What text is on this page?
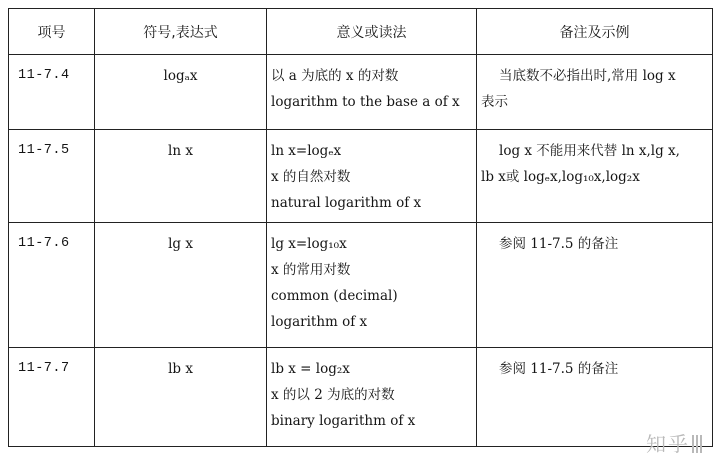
项号	符号,表达式	意义或读法	备注及示例

11-7.4	logₐx	以 a 为底的 x 的对数
logarithm to the base a of x	当底数不必指出时,常用 log x
表示

11-7.5	ln x	ln x=logₑx
x 的自然对数
natural logarithm of x	log x 不能用来代替 ln x,lg x,
lb x或 logₑx,log₁₀x,log₂x

11-7.6	lg x	lg x=log₁₀x
x 的常用对数
common (decimal)
logarithm of x	参阅 11-7.5 的备注

11-7.7	lb x	lb x = log₂x
x 的以 2 为底的对数
binary logarithm of x	参阅 11-7.5 的备注
知乎
